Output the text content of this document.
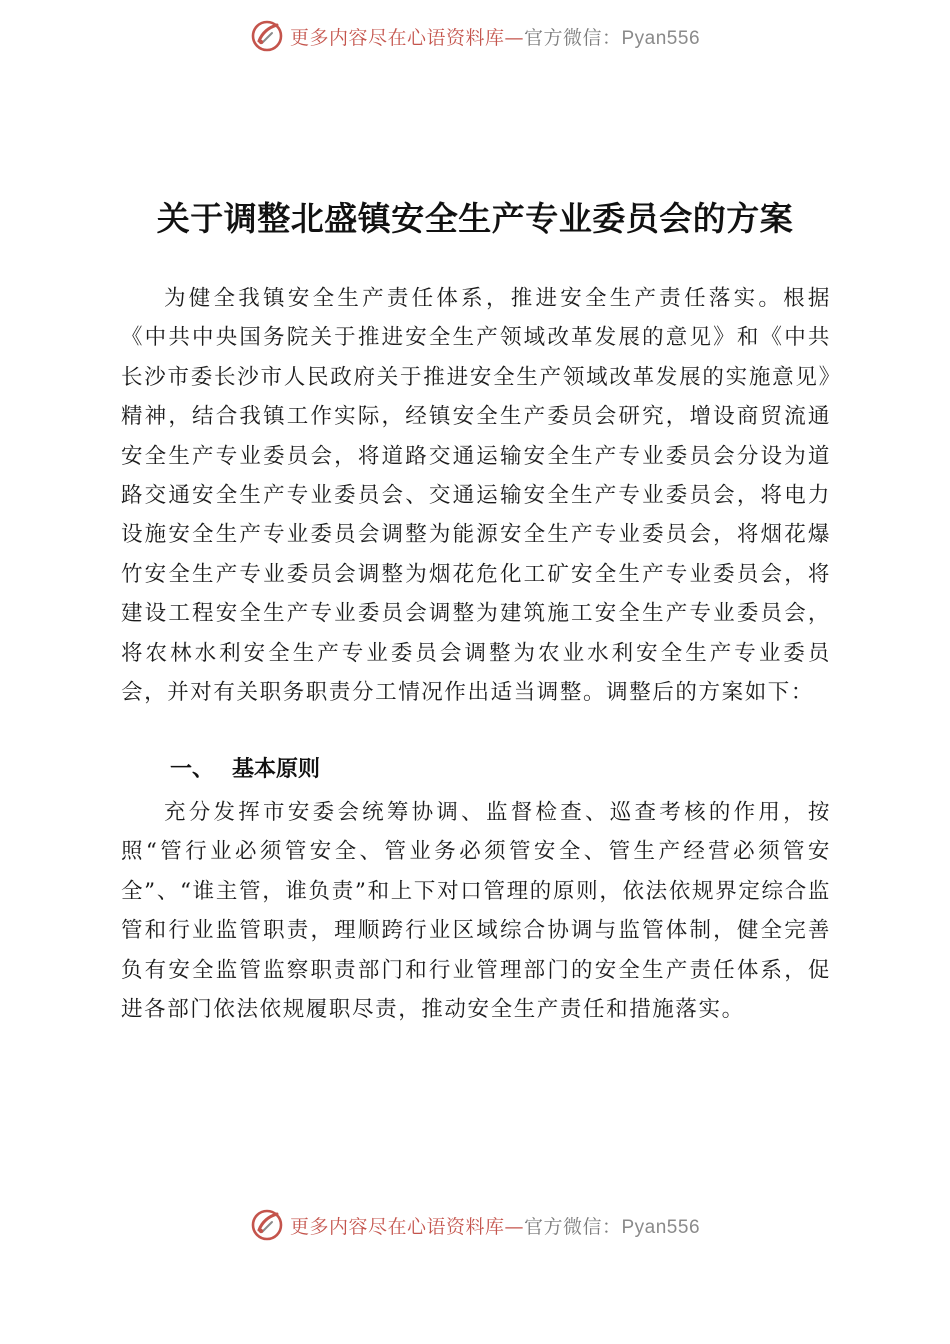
更多内容尽在心语资料库—官方微信：Pyan556
关于调整北盛镇安全生产专业委员会的方案

为健全我镇安全生产责任体系，推进安全生产责任落实。根据《中共中央国务院关于推进安全生产领域改革发展的意见》和《中共长沙市委长沙市人民政府关于推进安全生产领域改革发展的实施意见》精神，结合我镇工作实际，经镇安全生产委员会研究，增设商贸流通安全生产专业委员会，将道路交通运输安全生产专业委员会分设为道路交通安全生产专业委员会、交通运输安全生产专业委员会，将电力设施安全生产专业委员会调整为能源安全生产专业委员会，将烟花爆竹安全生产专业委员会调整为烟花危化工矿安全生产专业委员会，将建设工程安全生产专业委员会调整为建筑施工安全生产专业委员会，将农林水利安全生产专业委员会调整为农业水利安全生产专业委员会，并对有关职务职责分工情况作出适当调整。调整后的方案如下：

一、 基本原则

充分发挥市安委会统筹协调、监督检查、巡查考核的作用，按 照“管行业必须管安全、管业务必须管安全、管生产经营必须管安全”、“谁主管，谁负责”和上下对口管理的原则，依法依规界定综合监管和行业监管职责，理顺跨行业区域综合协调与监管体制，健全完善负有安全监管监察职责部门和行业管理部门的安全生产责任体系，促进各部门依法依规履职尽责，推动安全生产责任和措施落实。

更多内容尽在心语资料库—官方微信：Pyan556
